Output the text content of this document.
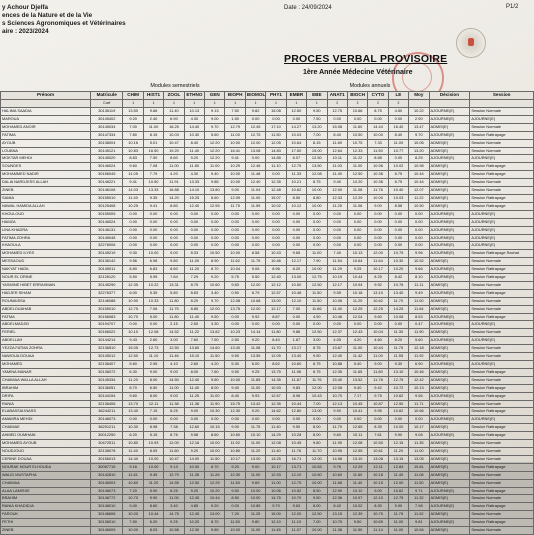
y Achour Djelfa
ences de la Nature et de la Vie
s Sciences Agronomiques et Vétérinaires
aire : 2023/2024
Date : 24/09/2024	P1/2
PROCES VERBAL PROVISOIRE
1ère Année Médecine Vétérinaire
Modules semestriels	Modules annuels
Prénom	Matricule	CHIM	HIST1	ZOOL	ETHNO	GEN	BIOPH	BIOMOL	PHY1	EMBR	EBE	ANAT1	BIOCH	CYTO	LE	Moy	Décision	Session
	Coef	1	1	1	1	1	1	1	1	1	1	2	2	2	2			
HALIMA SAADIA	30136119	13.50	9.66	11.40	10.13	9.13	7.50	9.82	15.08	12.50	9.50	12.75	10.66	8.75	4.50	10.22	AJOURNE(E)	Session Normale
MAROUA	30145402	9.20	2.40	6.90	4.30	9.00	1.50	0.00	0.00	0.00	7.50	0.00	0.00	0.00	0.00	2.90	AJOURNE(E)	AJOURNE(E)
MOHAMED ANOIR	30145034	7.00	11.00	16.25	14.40	9.70	12.79	12.45	17.10	14.27	13.20	15.08	11.60	14.44	16.40	13.47	ADMIS(E)	Session Normale
FATIMA	30147334	7.80	8.15	10.03	10.30	5.60	11.00	12.75	11.50	10.03	7.00	8.40	10.50	10.00	8.40	9.70	AJOURNE(E)	Session Rattrapage
AYOUB	30138004	10.16	5.01	10.47	8.40	12.20	10.00	12.00	12.05	10.64	8.15	11.69	10.75	7.33	11.00	10.05	ADMIS(E)	Session Normale
LOUBNA	30145121	10.83	16.50	19.20	11.40	12.20	16.41	13.08	14.83	17.50	15.00	12.64	12.33	11.50	10.77	13.20	ADMIS(E)	Session Normale
MOKTAR MEHDI	30145020	8.83	7.50	8.60	9.20	12.20	9.41	0.00	14.85	6.07	12.50	10.11	11.22	8.58	0.00	8.25	AJOURNE(E)	AJOURNE(E)
SOUNDES	30146024	9.60	7.08	11.00	11.60	11.00	10.29	12.46	11.10	12.75	13.50	11.03	11.00	10.96	10.02	10.98	ADMIS(E)	Session Rattrapage
MOHAMMED NADIR	30156045	11.05	7.79	4.20	4.30	9.40	10.00	11.48	0.00	11.33	12.08	11.40	12.50	10.36	8.75	10.44	ADMIS(E)	Session Rattrapage
DALIA NARDJESS ALLAH	30146221	9.41	10.50	11.91	13.33	9.85	10.00	12.40	12.35	10.21	8.75	9.40	10.20	10.36	8.75	10.44	ADMIS(E)	Session Normale
ZINEB	30146108	14.03	13.33	16.88	14.10	13.80	9.00	11.04	12.48	10.62	10.00	12.00	11.08	11.76	10.40	12.07	ADMIS(E)	Session Normale
SAMIA	30155010	11.40	9.35	14.20	15.25	8.60	12.09	11.00	15.07	8.50	8.80	12.33	12.29	10.00	10.03	11.22	ADMIS(E)	Session Rattrapage
NAWAL HAMIDA ALLAH	30125408	10.25	9.41	8.80	12.40	12.55	11.75	11.59	10.02	10.12	10.00	11.25	11.06	9.00	8.58	10.50	ADMIS(E)	Session Rattrapage
KHOULOUD	30155005	0.00	0.00	0.00	0.00	0.00	0.00	0.00	0.00	0.00	0.00	0.00	0.00	0.00	0.00	0.00	AJOURNE(E)	AJOURNE(E)
HAMZA	30146024	0.00	0.00	0.00	0.00	0.00	0.00	0.00	0.00	0.00	0.00	0.00	0.00	0.00	0.00	0.00	AJOURNE(E)	AJOURNE(E)
LINA KHADRA	30146131	0.00	0.00	0.00	0.00	0.00	0.00	0.00	0.00	0.00	0.00	0.00	0.00	0.00	0.00	0.00	AJOURNE(E)	AJOURNE(E)
FATIMA ZOHRA	30145048	0.00	0.00	0.00	0.00	0.00	0.00	0.00	0.00	0.00	0.00	0.00	0.00	0.00	0.00	0.00	AJOURNE(E)	AJOURNE(E)
KHAOULA	32276006	0.00	0.00	0.00	0.00	0.00	0.00	0.00	0.00	0.00	0.00	0.00	0.00	0.00	0.00	0.00	AJOURNE(E)	AJOURNE(E)
MOHAMED ILYES	30145219	9.30	10.00	9.00	8.33	10.50	10.00	8.58	10.43	9.65	11.00	7.40	10.13	12.00	10.75	9.96	AJOURNE(E)	Session Rattrapage Rachat
MESSAOUD	30136142	9.56	6.98	9.80	11.00	8.90	11.62	11.75	10.46	12.17	7.90	11.54	10.64	11.64	10.30	10.52	ADMIS(E)	Session Normale
NAKYAT HADIL	30145011	8.80	6.83	8.60	11.20	8.70	10.04	9.06	8.96	8.20	10.00	11.29	9.25	10.17	10.20	9.66	AJOURNE(E)	Session Rattrapage
NOUR EL DRINE	32126120	5.50	5.95	7.84	7.29	9.20	5.75	5.50	12.40	13.00	12.75	10.19	10.44	8.25	8.42	8.10	AJOURNE(E)	Session Rattrapage
YASMINE HIBET ERRAHMAN	30145290	12.35	10.22	13.31	8.75	10.60	9.83	12.00	12.12	10.50	12.50	12.17	10.94	9.92	10.76	11.11	ADMIS(E)	Session Normale
HADJER SIHAM	32276377	6.00	5.35	5.80	8.83	3.40	0.50	8.79	12.57	10.48	11.50	9.55	10.18	13.10	13.40	9.49	AJOURNE(E)	Session Rattrapage
ROUMAISSA	32146088	10.90	10.33	11.80	8.20	9.70	12.08	10.68	13.00	12.10	11.50	10.06	11.20	10.62	11.70	11.00	ADMIS(E)	Session Normale
ABDELOUAHAB	30155010	12.75	7.06	11.75	8.85	12.00	13.75	12.00	12.17	7.00	11.66	11.40	12.25	12.25	14.25	11.64	ADMIS(E)	Session Normale
FATMA	30156083	10.70	5.00	11.80	11.40	9.50	0.00	9.92	8.87	0.00	4.90	10.46	12.04	9.60	10.08	8.53	AJOURNE(E)	Session Rattrapage
ABDELMADJID	30194707	0.00	0.00	2.15	2.50	3.30	0.00	0.00	0.00	0.00	0.00	0.00	0.00	0.00	0.00	0.47	AJOURNE(E)	AJOURNE(E)
FERIEL	30166022	10.10	12.08	14.52	11.22	13.82	10.23	14.14	11.80	9.88	12.50	12.37	12.43	10.04	11.30	11.90	ADMIS(E)	Session Normale
ABDELLAH	30144214	9.43	2.60	3.00	7.60	7.50	2.50	9.20	8.40	1.67	3.00	4.05	4.20	4.60	8.20	5.60	AJOURNE(E)	AJOURNE(E)
YEZZA FATMA ZOHRA	32136510	15.05	12.73	12.50	13.60	14.60	13.40	11.08	11.70	13.17	8.75	13.67	11.00	10.44	11.75	12.18	ADMIS(E)	Session Normale
NAWOUA DOUAA	30145012	12.50	11.10	11.46	15.10	11.50	9.50	13.55	12.05	13.40	9.50	12.40	11.42	11.00	11.55	11.92	ADMIS(E)	Session Normale
MOHAMED	32136407	5.60	2.95	4.10	2.60	4.20	5.30	6.00	8.62	10.60	6.75	10.88	5.40	9.00	9.30	6.90	AJOURNE(E)	AJOURNE(E)
YAMINA MANAR	30136072	6.30	9.00	9.00	8.00	7.60	9.50	9.25	13.75	11.96	6.75	12.35	11.65	11.80	13.10	10.46	ADMIS(E)	Session Rattrapage
CHAIMAA WALLA ALLAH	30145334	11.20	8.00	14.50	12.40	9.60	10.00	11.85	14.35	11.87	11.76	15.40	13.52	11.78	12.75	12.42	ADMIS(E)	Session Normale
IBRAHIM	30136051	8.70	6.50	11.00	11.40	8.00	9.40	11.00	10.93	9.83	12.00	12.08	9.40	9.42	10.72	10.13	ADMIS(E)	Session Rattrapage
DRIFA	30144154	9.60	8.00	9.00	11.25	11.00	8.40	9.93	12.67	8.98	10.43	10.70	7.17	9.75	10.62	9.56	AJOURNE(E)	Session Rattrapage
RANIA	32136406	13.70	12.11	11.38	11.38	11.90	15.75	13.42	12.35	10.44	7.00	12.13	10.45	10.87	12.50	11.71	ADMIS(E)	Session Normale
ELABASSIA INASS	36244211	13.40	7.15	8.25	9.00	10.30	12.30	9.20	14.62	12.80	13.00	9.90	10.41	9.95	10.62	10.66	ADMIS(E)	Session Rattrapage
AMAMRA MEHDI	30146073	0.00	0.00	0.00	0.00	0.00	0.00	0.00	0.00	0.00	0.00	0.00	0.00	0.00	0.00	0.00	AJOURNE(E)	AJOURNE(E)
CHAIMAE	36201211	10.30	8.98	7.38	12.60	10.15	9.00	11.75	11.40	9.50	8.00	11.79	12.65	8.39	10.00	10.17	ADMIS(E)	Session Rattrapage
AHMED OUMHANI	30012250	6.20	5.15	8.76	9.58	8.60	10.60	10.10	14.29	10.28	8.00	9.60	10.11	7.61	9.90	9.08	AJOURNE(E)	Session Rattrapage
MOHAMED AYOUB	30472511	10.80	10.93	12.00	12.16	10.00	11.92	11.00	12.08	10.45	9.80	11.95	12.08	10.50	12.15	11.35	ADMIS(E)	Session Normale
NOUDJOUD	32138078	11.40	8.05	11.60	9.20	10.00	10.80	11.20	11.40	11.76	11.70	10.95	12.55	10.61	11.20	11.00	ADMIS(E)	Session Normale
CERINE DOUAA	30156013	14.40	10.00	10.47	14.00	11.50	10.17	13.00	13.25	16.71	12.00	14.58	13.10	13.08	13.15	13.05	ADMIS(E)	Session Normale
NOURAK NOUR ELHOUDA	30067715	9.16	10.00	9.13	10.00	8.70	9.20	9.00	10.17	13.71	10.83	9.76	12.29	12.11	12.84	10.81	ADMIS(E)	Session Rattrapage
WALID MUSTAPHA	30142810	11.61	9.45	12.70	11.35	11.26	10.30	11.00	12.93	12.10	10.60	10.60	11.60	10.18	11.40	11.08	ADMIS(E)	Session Normale
CHAIMAA	30146003	10.60	11.20	14.55	12.50	12.25	11.50	9.69	11.00	12.75	10.00	11.68	11.40	10.15	12.00	11.50	ADMIS(E)	Session Normale
ALAA LAMISSE	30146073	7.20	5.90	8.25	9.20	10.20	9.50	10.00	10.06	10.52	8.50	12.90	10.10	9.00	10.62	9.71	AJOURNE(E)	Session Rattrapage
BRAHIM	30146772	10.70	9.90	11.00	12.45	10.44	8.50	10.00	14.75	10.70	9.50	12.36	10.97	12.10	12.75	11.32	ADMIS(E)	Session Normale
RANIA KHADIDJA	30146010	9.40	8.60	3.40	4.85	9.20	0.00	10.85	9.70	9.63	8.00	8.42	10.02	8.30	9.90	7.98	AJOURNE(E)	Session Rattrapage
FAROUK	30146606	10.00	10.44	14.75	12.45	13.00	7.20	11.25	15.00	12.00	12.50	13.15	12.39	10.75	11.75	11.92	ADMIS(E)	Session Normale
FETHI	30136010	7.50	6.20	9.25	10.20	8.70	11.50	9.80	12.10	11.10	7.00	10.75	9.50	10.69	11.00	9.81	AJOURNE(E)	Session Rattrapage
ZINEB	30146009	10.00	8.03	10.58	12.30	9.60	10.00	11.00	11.45	11.07	10.00	11.38	11.50	11.14	11.00	10.64	ADMIS(E)	Session Normale
